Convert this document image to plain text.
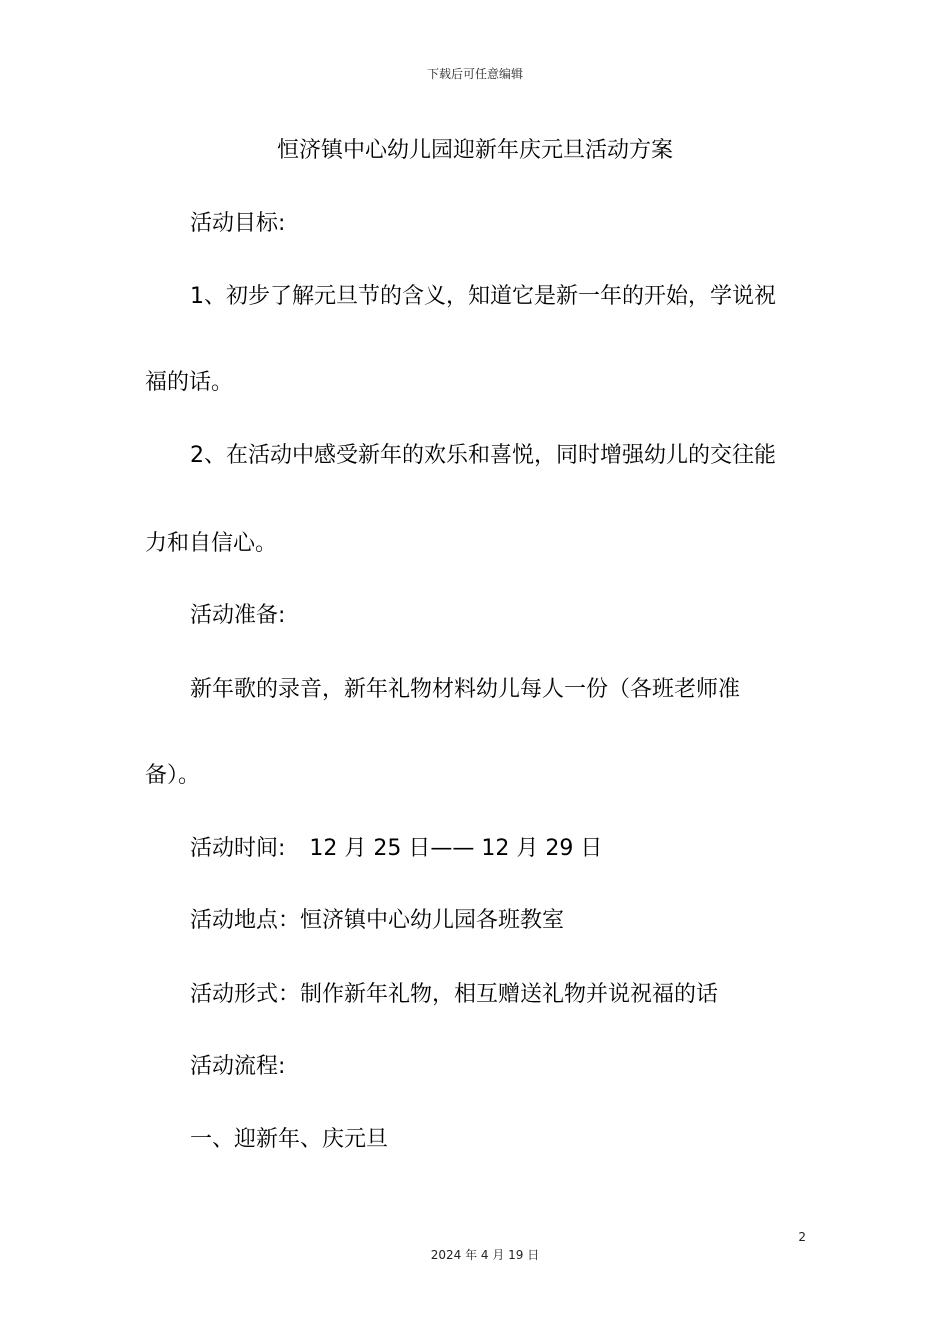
下载后可任意编辑
恒济镇中心幼儿园迎新年庆元旦活动方案
活动目标:
1、初步了解元旦节的含义，知道它是新一年的开始，学说祝
福的话。
2、在活动中感受新年的欢乐和喜悦，同时增强幼儿的交往能
力和自信心。
活动准备:
新年歌的录音，新年礼物材料幼儿每人一份（各班老师准
备）。
活动时间: 12 月 25 日—— 12 月 29 日
活动地点：恒济镇中心幼儿园各班教室
活动形式：制作新年礼物，相互赠送礼物并说祝福的话
活动流程:
一、迎新年、庆元旦
2
2024 年 4 月 19 日
